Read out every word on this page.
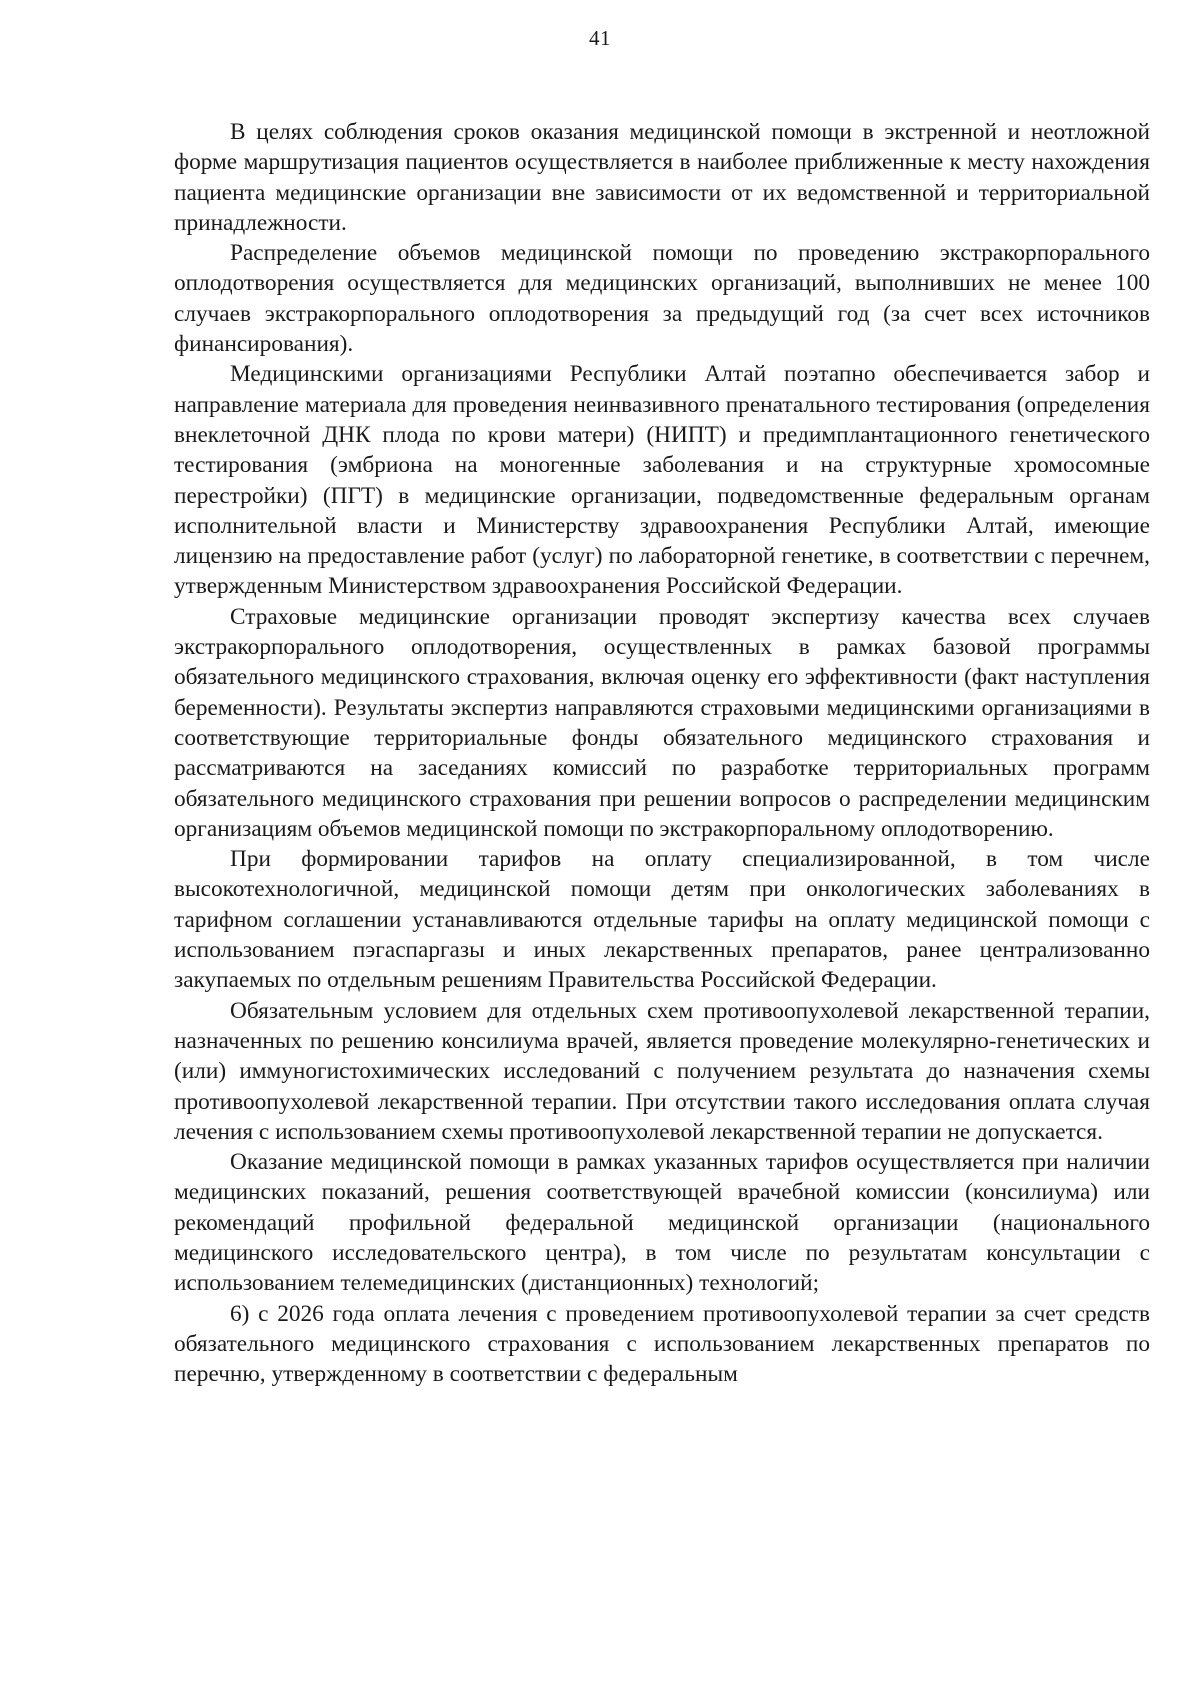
41

В целях соблюдения сроков оказания медицинской помощи в экстренной и неотложной форме маршрутизация пациентов осуществляется в наиболее приближенные к месту нахождения пациента медицинские организации вне зависимости от их ведомственной и территориальной принадлежности.

Распределение объемов медицинской помощи по проведению экстракорпорального оплодотворения осуществляется для медицинских организаций, выполнивших не менее 100 случаев экстракорпорального оплодотворения за предыдущий год (за счет всех источников финансирования).

Медицинскими организациями Республики Алтай поэтапно обеспечивается забор и направление материала для проведения неинвазивного пренатального тестирования (определения внеклеточной ДНК плода по крови матери) (НИПТ) и предимплантационного генетического тестирования (эмбриона на моногенные заболевания и на структурные хромосомные перестройки) (ПГТ) в медицинские организации, подведомственные федеральным органам исполнительной власти и Министерству здравоохранения Республики Алтай, имеющие лицензию на предоставление работ (услуг) по лабораторной генетике, в соответствии с перечнем, утвержденным Министерством здравоохранения Российской Федерации.

Страховые медицинские организации проводят экспертизу качества всех случаев экстракорпорального оплодотворения, осуществленных в рамках базовой программы обязательного медицинского страхования, включая оценку его эффективности (факт наступления беременности). Результаты экспертиз направляются страховыми медицинскими организациями в соответствующие территориальные фонды обязательного медицинского страхования и рассматриваются на заседаниях комиссий по разработке территориальных программ обязательного медицинского страхования при решении вопросов о распределении медицинским организациям объемов медицинской помощи по экстракорпоральному оплодотворению.

При формировании тарифов на оплату специализированной, в том числе высокотехнологичной, медицинской помощи детям при онкологических заболеваниях в тарифном соглашении устанавливаются отдельные тарифы на оплату медицинской помощи с использованием пэгаспаргазы и иных лекарственных препаратов, ранее централизованно закупаемых по отдельным решениям Правительства Российской Федерации.

Обязательным условием для отдельных схем противоопухолевой лекарственной терапии, назначенных по решению консилиума врачей, является проведение молекулярно-генетических и (или) иммуногистохимических исследований с получением результата до назначения схемы противоопухолевой лекарственной терапии. При отсутствии такого исследования оплата случая лечения с использованием схемы противоопухолевой лекарственной терапии не допускается.

Оказание медицинской помощи в рамках указанных тарифов осуществляется при наличии медицинских показаний, решения соответствующей врачебной комиссии (консилиума) или рекомендаций профильной федеральной медицинской организации (национального медицинского исследовательского центра), в том числе по результатам консультации с использованием телемедицинских (дистанционных) технологий;

6) с 2026 года оплата лечения с проведением противоопухолевой терапии за счет средств обязательного медицинского страхования с использованием лекарственных препаратов по перечню, утвержденному в соответствии с федеральным
